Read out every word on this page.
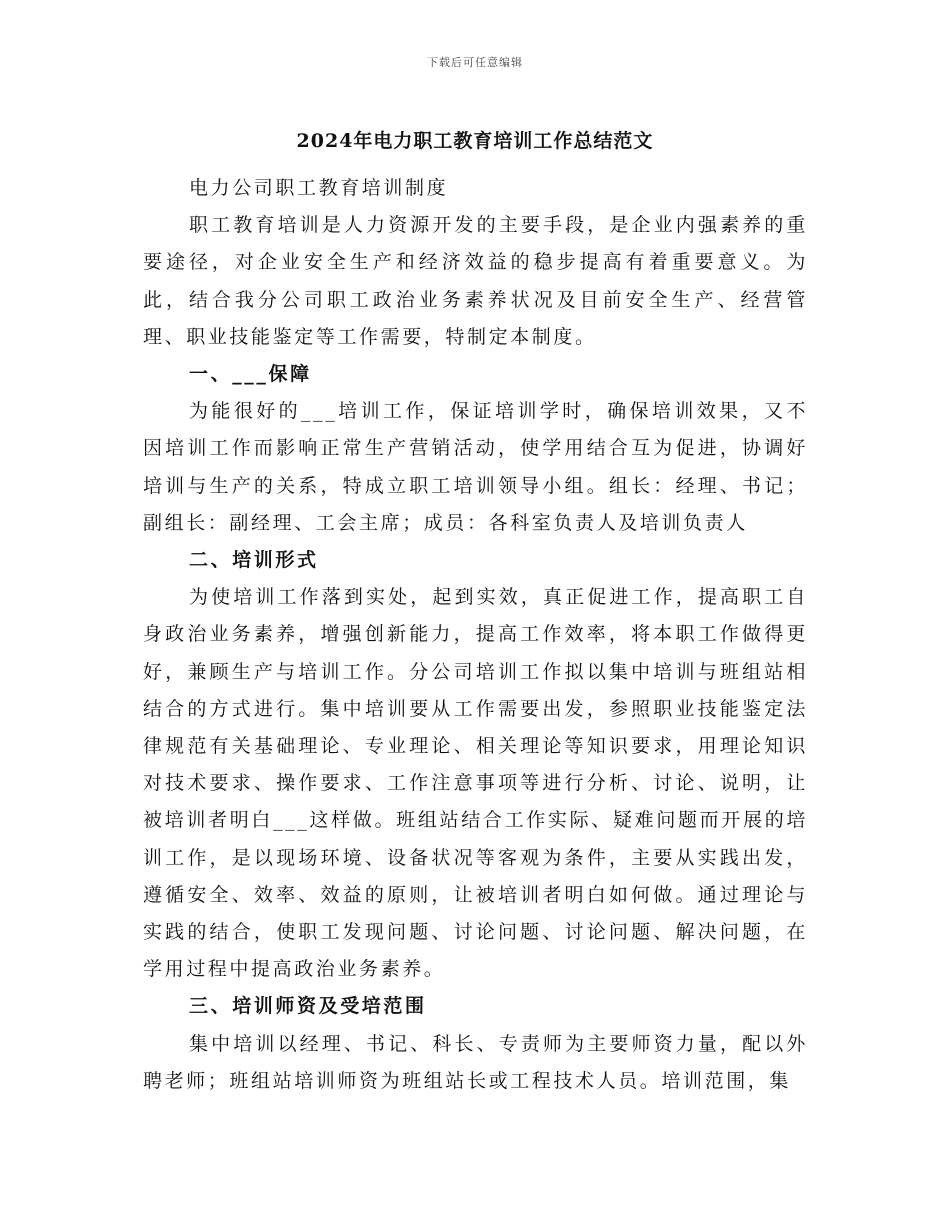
下载后可任意编辑
2024年电力职工教育培训工作总结范文

电力公司职工教育培训制度

职工教育培训是人力资源开发的主要手段，是企业内强素养的重要途径，对企业安全生产和经济效益的稳步提高有着重要意义。为此，结合我分公司职工政治业务素养状况及目前安全生产、经营管理、职业技能鉴定等工作需要，特制定本制度。

一、___保障

为能很好的___培训工作，保证培训学时，确保培训效果，又不因培训工作而影响正常生产营销活动，使学用结合互为促进，协调好培训与生产的关系，特成立职工培训领导小组。组长：经理、书记；副组长：副经理、工会主席；成员：各科室负责人及培训负责人

二、培训形式

为使培训工作落到实处，起到实效，真正促进工作，提高职工自身政治业务素养，增强创新能力，提高工作效率，将本职工作做得更好，兼顾生产与培训工作。分公司培训工作拟以集中培训与班组站相结合的方式进行。集中培训要从工作需要出发，参照职业技能鉴定法律规范有关基础理论、专业理论、相关理论等知识要求，用理论知识对技术要求、操作要求、工作注意事项等进行分析、讨论、说明，让被培训者明白___这样做。班组站结合工作实际、疑难问题而开展的培训工作，是以现场环境、设备状况等客观为条件，主要从实践出发，遵循安全、效率、效益的原则，让被培训者明白如何做。通过理论与实践的结合，使职工发现问题、讨论问题、讨论问题、解决问题，在学用过程中提高政治业务素养。

三、培训师资及受培范围

集中培训以经理、书记、科长、专责师为主要师资力量，配以外聘老师；班组站培训师资为班组站长或工程技术人员。培训范围，集
